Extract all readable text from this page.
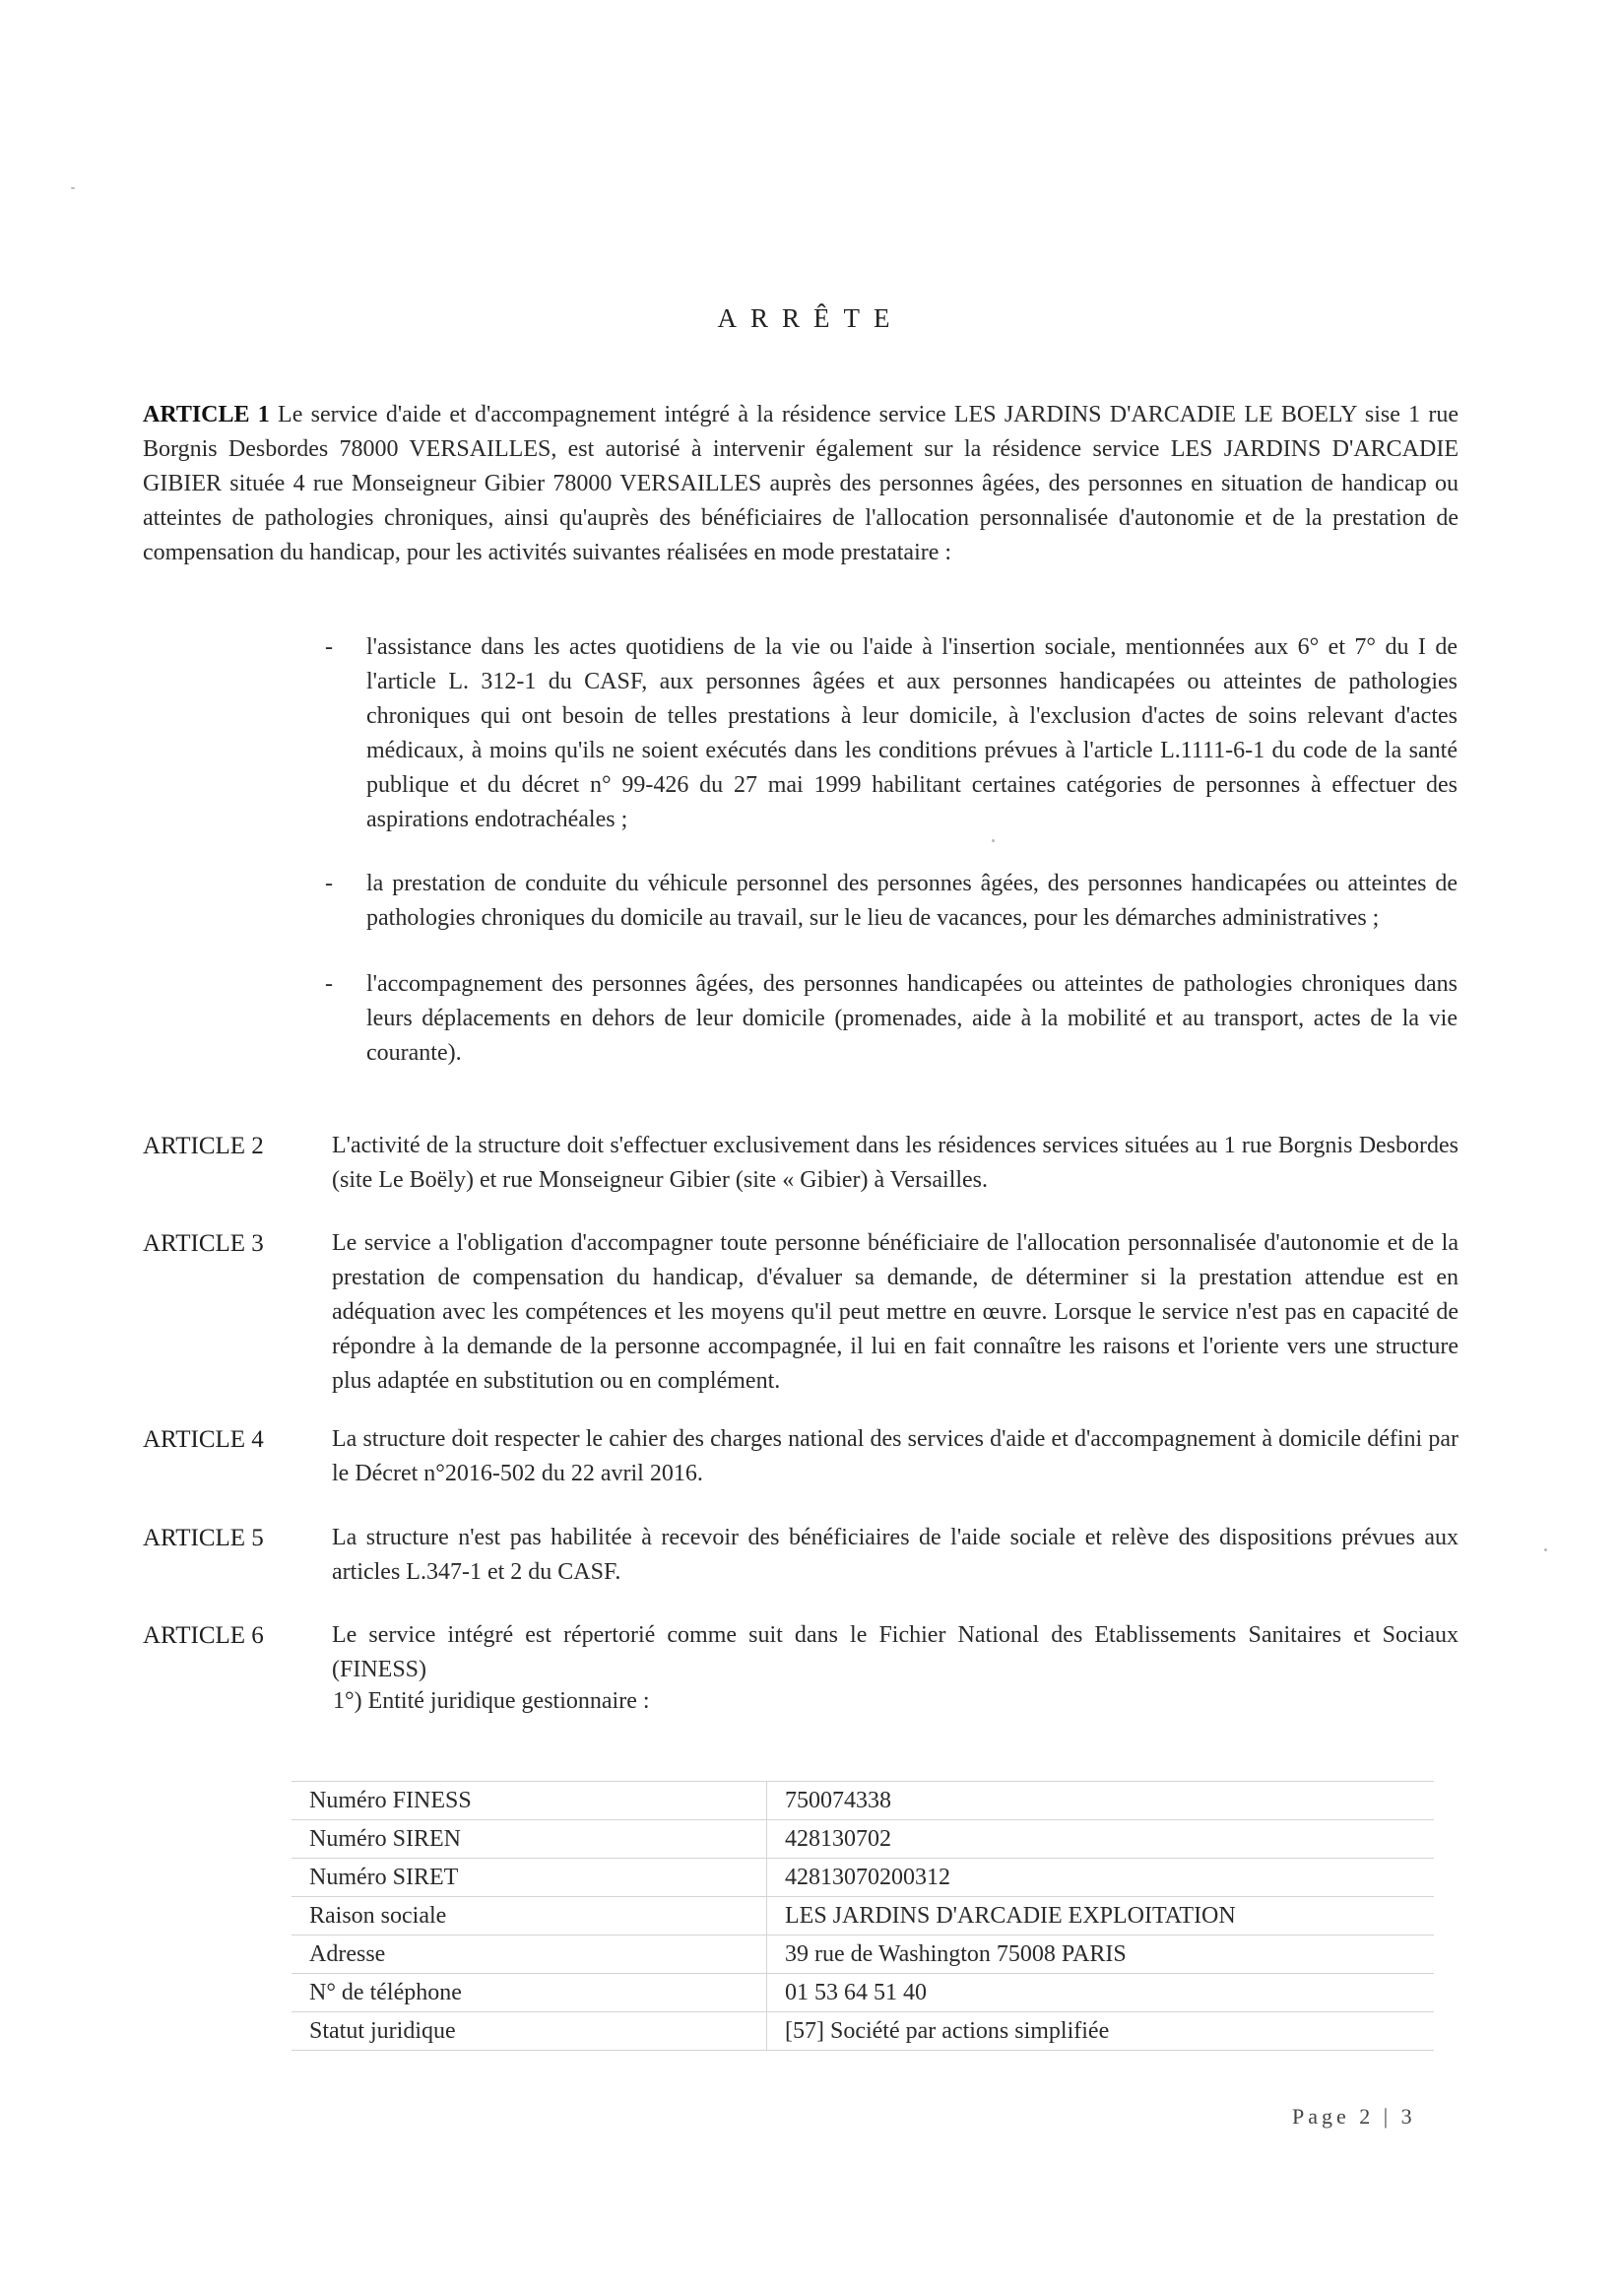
ARRÊTE
ARTICLE 1 Le service d'aide et d'accompagnement intégré à la résidence service LES JARDINS D'ARCADIE LE BOELY sise 1 rue Borgnis Desbordes 78000 VERSAILLES, est autorisé à intervenir également sur la résidence service LES JARDINS D'ARCADIE GIBIER située 4 rue Monseigneur Gibier 78000 VERSAILLES auprès des personnes âgées, des personnes en situation de handicap ou atteintes de pathologies chroniques, ainsi qu'auprès des bénéficiaires de l'allocation personnalisée d'autonomie et de la prestation de compensation du handicap, pour les activités suivantes réalisées en mode prestataire :
- l'assistance dans les actes quotidiens de la vie ou l'aide à l'insertion sociale, mentionnées aux 6° et 7° du I de l'article L. 312-1 du CASF, aux personnes âgées et aux personnes handicapées ou atteintes de pathologies chroniques qui ont besoin de telles prestations à leur domicile, à l'exclusion d'actes de soins relevant d'actes médicaux, à moins qu'ils ne soient exécutés dans les conditions prévues à l'article L.1111-6-1 du code de la santé publique et du décret n° 99-426 du 27 mai 1999 habilitant certaines catégories de personnes à effectuer des aspirations endotrachéales ;
- la prestation de conduite du véhicule personnel des personnes âgées, des personnes handicapées ou atteintes de pathologies chroniques du domicile au travail, sur le lieu de vacances, pour les démarches administratives ;
- l'accompagnement des personnes âgées, des personnes handicapées ou atteintes de pathologies chroniques dans leurs déplacements en dehors de leur domicile (promenades, aide à la mobilité et au transport, actes de la vie courante).
ARTICLE 2	L'activité de la structure doit s'effectuer exclusivement dans les résidences services situées au 1 rue Borgnis Desbordes (site Le Boëly) et rue Monseigneur Gibier (site « Gibier) à Versailles.
ARTICLE 3	Le service a l'obligation d'accompagner toute personne bénéficiaire de l'allocation personnalisée d'autonomie et de la prestation de compensation du handicap, d'évaluer sa demande, de déterminer si la prestation attendue est en adéquation avec les compétences et les moyens qu'il peut mettre en œuvre. Lorsque le service n'est pas en capacité de répondre à la demande de la personne accompagnée, il lui en fait connaître les raisons et l'oriente vers une structure plus adaptée en substitution ou en complément.
ARTICLE 4	La structure doit respecter le cahier des charges national des services d'aide et d'accompagnement à domicile défini par le Décret n°2016-502 du 22 avril 2016.
ARTICLE 5	La structure n'est pas habilitée à recevoir des bénéficiaires de l'aide sociale et relève des dispositions prévues aux articles L.347-1 et 2 du CASF.
ARTICLE 6	Le service intégré est répertorié comme suit dans le Fichier National des Etablissements Sanitaires et Sociaux (FINESS)
1°) Entité juridique gestionnaire :
Numéro FINESS	750074338
Numéro SIREN	428130702
Numéro SIRET	42813070200312
Raison sociale	LES JARDINS D'ARCADIE EXPLOITATION
Adresse	39 rue de Washington 75008 PARIS
N° de téléphone	01 53 64 51 40
Statut juridique	[57] Société par actions simplifiée
Page 2 | 3
